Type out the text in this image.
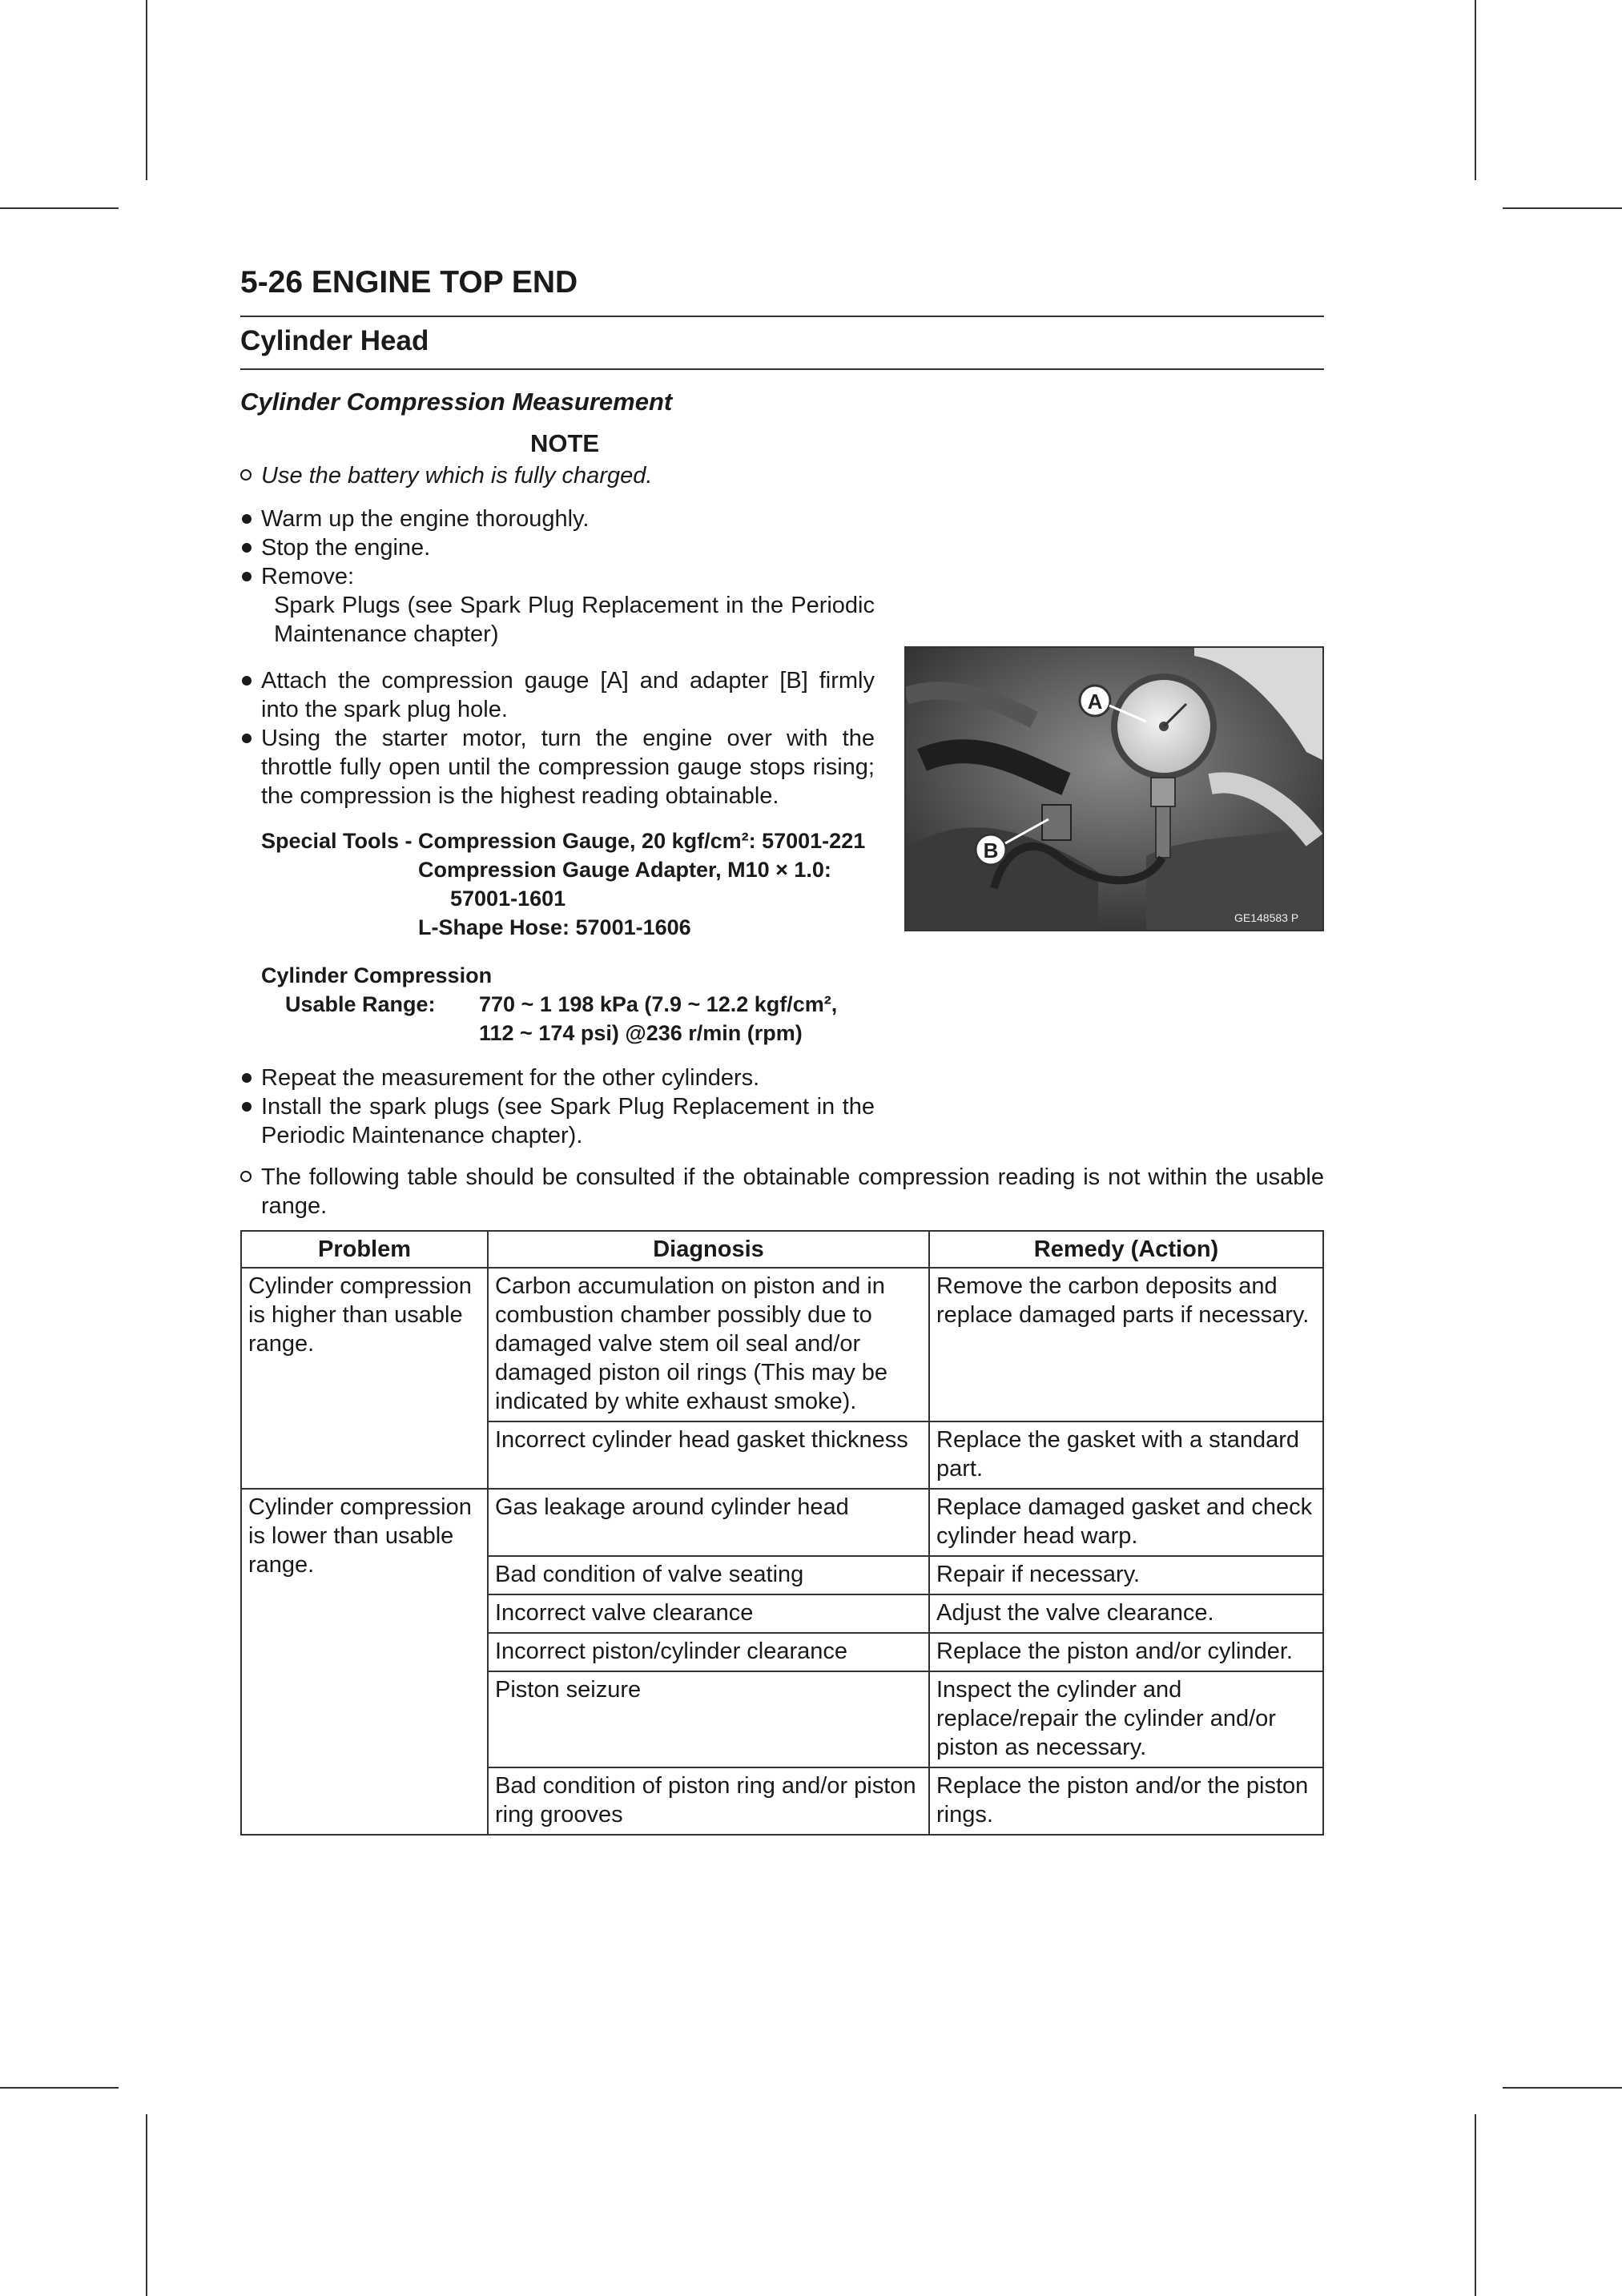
5-26 ENGINE TOP END
Cylinder Head
Cylinder Compression Measurement
NOTE
Use the battery which is fully charged.
Warm up the engine thoroughly.
Stop the engine.
Remove:
Spark Plugs (see Spark Plug Replacement in the Periodic Maintenance chapter)
Attach the compression gauge [A] and adapter [B] firmly into the spark plug hole.
Using the starter motor, turn the engine over with the throttle fully open until the compression gauge stops rising; the compression is the highest reading obtainable.
Special Tools - Compression Gauge, 20 kgf/cm²: 57001-221
Compression Gauge Adapter, M10 × 1.0:
57001-1601
L-Shape Hose: 57001-1606
Cylinder Compression
Usable Range:	770 ~ 1 198 kPa (7.9 ~ 12.2 kgf/cm²,
112 ~ 174 psi) @236 r/min (rpm)
Repeat the measurement for the other cylinders.
Install the spark plugs (see Spark Plug Replacement in the Periodic Maintenance chapter).
The following table should be consulted if the obtainable compression reading is not within the usable range.
Problem	Diagnosis	Remedy (Action)
Cylinder compression is higher than usable range.	Carbon accumulation on piston and in combustion chamber possibly due to damaged valve stem oil seal and/or damaged piston oil rings (This may be indicated by white exhaust smoke).	Remove the carbon deposits and replace damaged parts if necessary.
	Incorrect cylinder head gasket thickness	Replace the gasket with a standard part.
Cylinder compression is lower than usable range.	Gas leakage around cylinder head	Replace damaged gasket and check cylinder head warp.
	Bad condition of valve seating	Repair if necessary.
	Incorrect valve clearance	Adjust the valve clearance.
	Incorrect piston/cylinder clearance	Replace the piston and/or cylinder.
	Piston seizure	Inspect the cylinder and replace/repair the cylinder and/or piston as necessary.
	Bad condition of piston ring and/or piston ring grooves	Replace the piston and/or the piston rings.
A
B
GE148583 P
